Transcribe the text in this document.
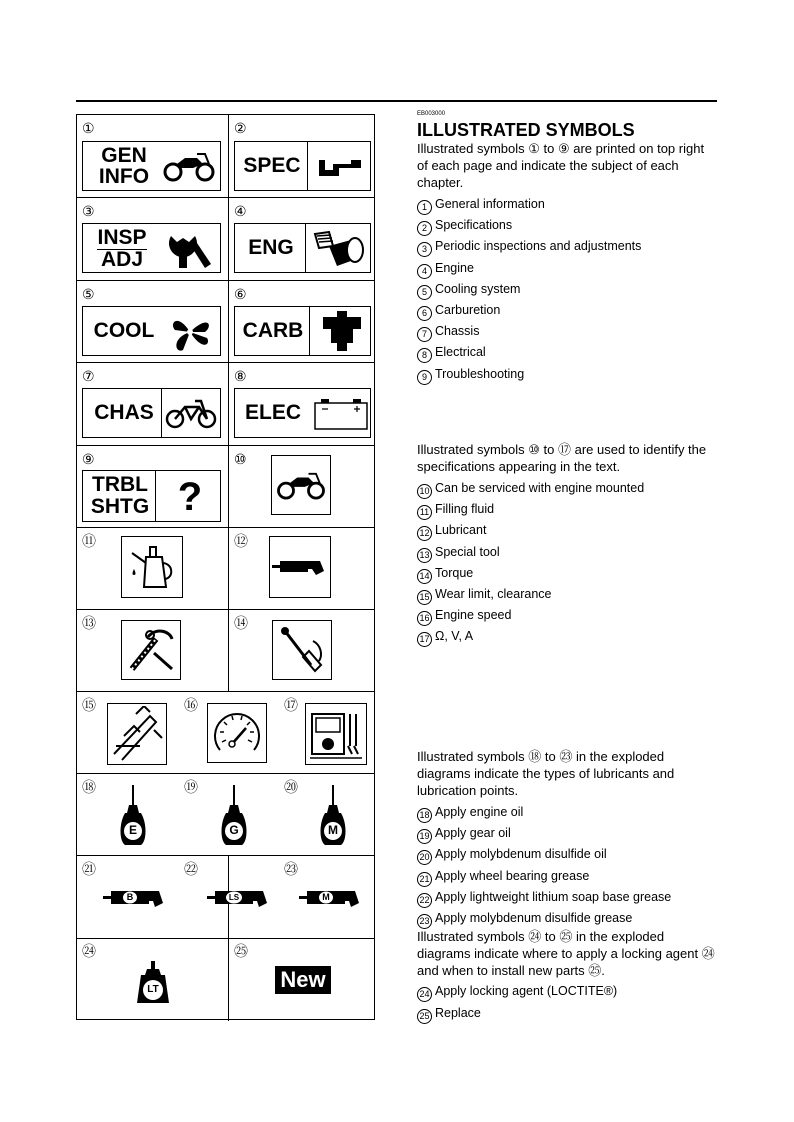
①
GEN
INFO
②
SPEC
③
INSP
ADJ
④
ENG
⑤
COOL
⑥
CARB
⑦
CHAS
⑧
ELEC
⑨
TRBL
SHTG ?
⑩
⑪	⑫
⑬	⑭
⑮	⑯	⑰
⑱
E
⑲
G
⑳
M
㉑
B
㉒
LS
㉓
M
㉔
LT
㉕
New
EB003000
ILLUSTRATED SYMBOLS
Illustrated symbols ① to ⑨ are printed on top right of each page and indicate the subject of each chapter.
1 General information
2 Specifications
3 Periodic inspections and adjustments
4 Engine
5 Cooling system
6 Carburetion
7 Chassis
8 Electrical
9 Troubleshooting
Illustrated symbols ⑩ to ⑰ are used to identify the specifications appearing in the text.
10 Can be serviced with engine mounted
11 Filling fluid
12 Lubricant
13 Special tool
14 Torque
15 Wear limit, clearance
16 Engine speed
17 Ω, V, A
Illustrated symbols ⑱ to ㉓ in the exploded diagrams indicate the types of lubricants and lubrication points.
18 Apply engine oil
19 Apply gear oil
20 Apply molybdenum disulfide oil
21 Apply wheel bearing grease
22 Apply lightweight lithium soap base grease
23 Apply molybdenum disulfide grease
Illustrated symbols ㉔ to ㉕ in the exploded diagrams indicate where to apply a locking agent ㉔ and when to install new parts ㉕.
24 Apply locking agent (LOCTITE®)
25 Replace
